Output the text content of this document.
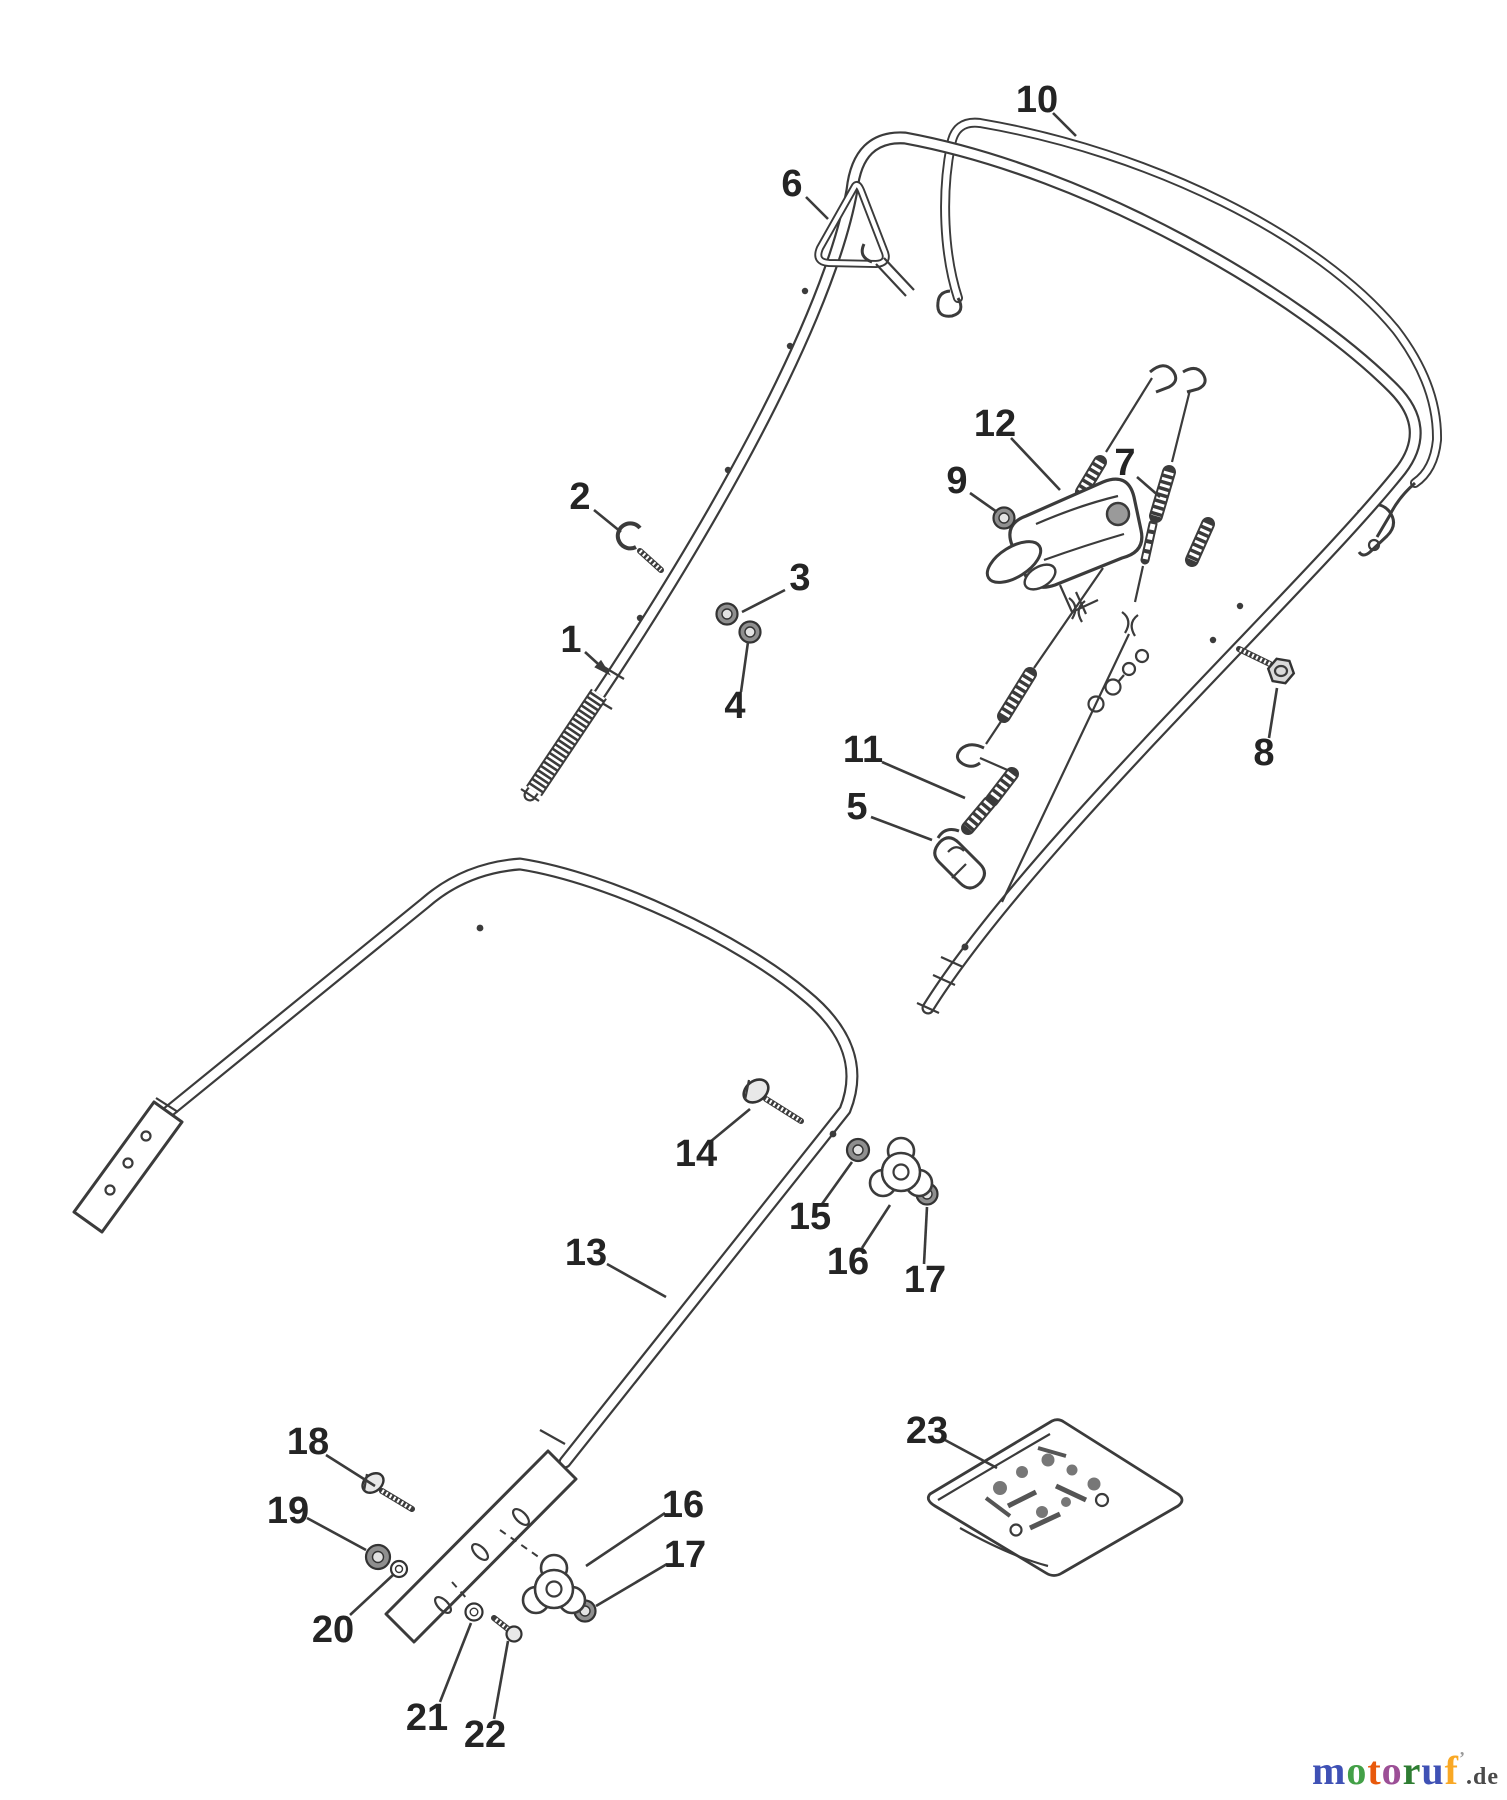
1
2
3
4
5
6
7
8
9
10
11
12
13
14
15
16 17
18
19
20
21 22
16
17
23
motoruf’.de
